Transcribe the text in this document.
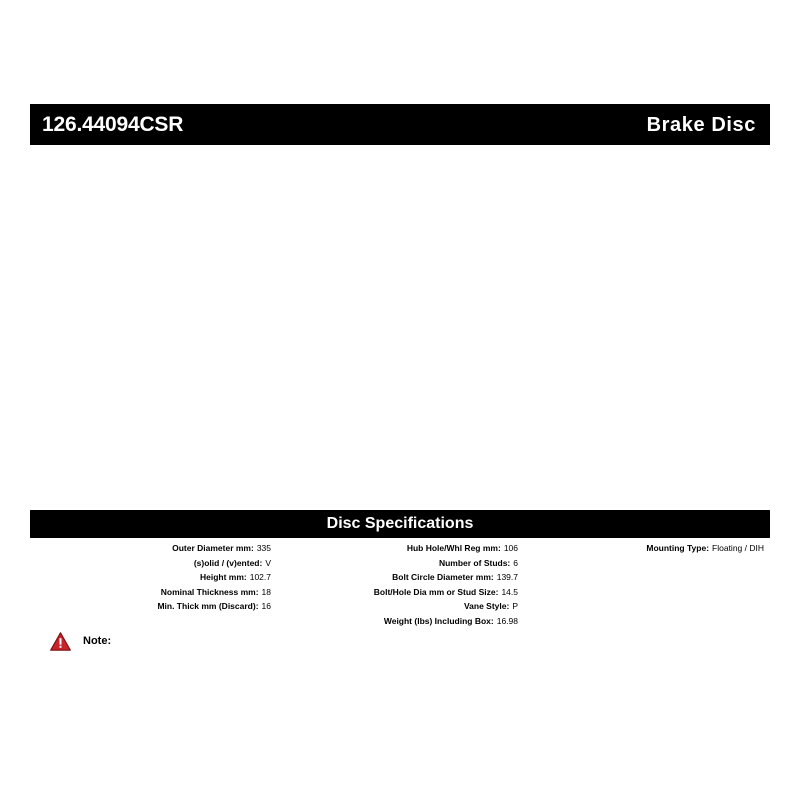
126.44094CSR	Brake Disc
Disc Specifications
Outer Diameter mm: 335
(s)olid / (v)ented: V
Height mm: 102.7
Nominal Thickness mm: 18
Min. Thick mm (Discard): 16
Hub Hole/Whl Reg mm: 106
Number of Studs: 6
Bolt Circle Diameter mm: 139.7
Bolt/Hole Dia mm or Stud Size: 14.5
Vane Style: P
Weight (lbs) Including Box: 16.98
Mounting Type: Floating / DIH
Note:
